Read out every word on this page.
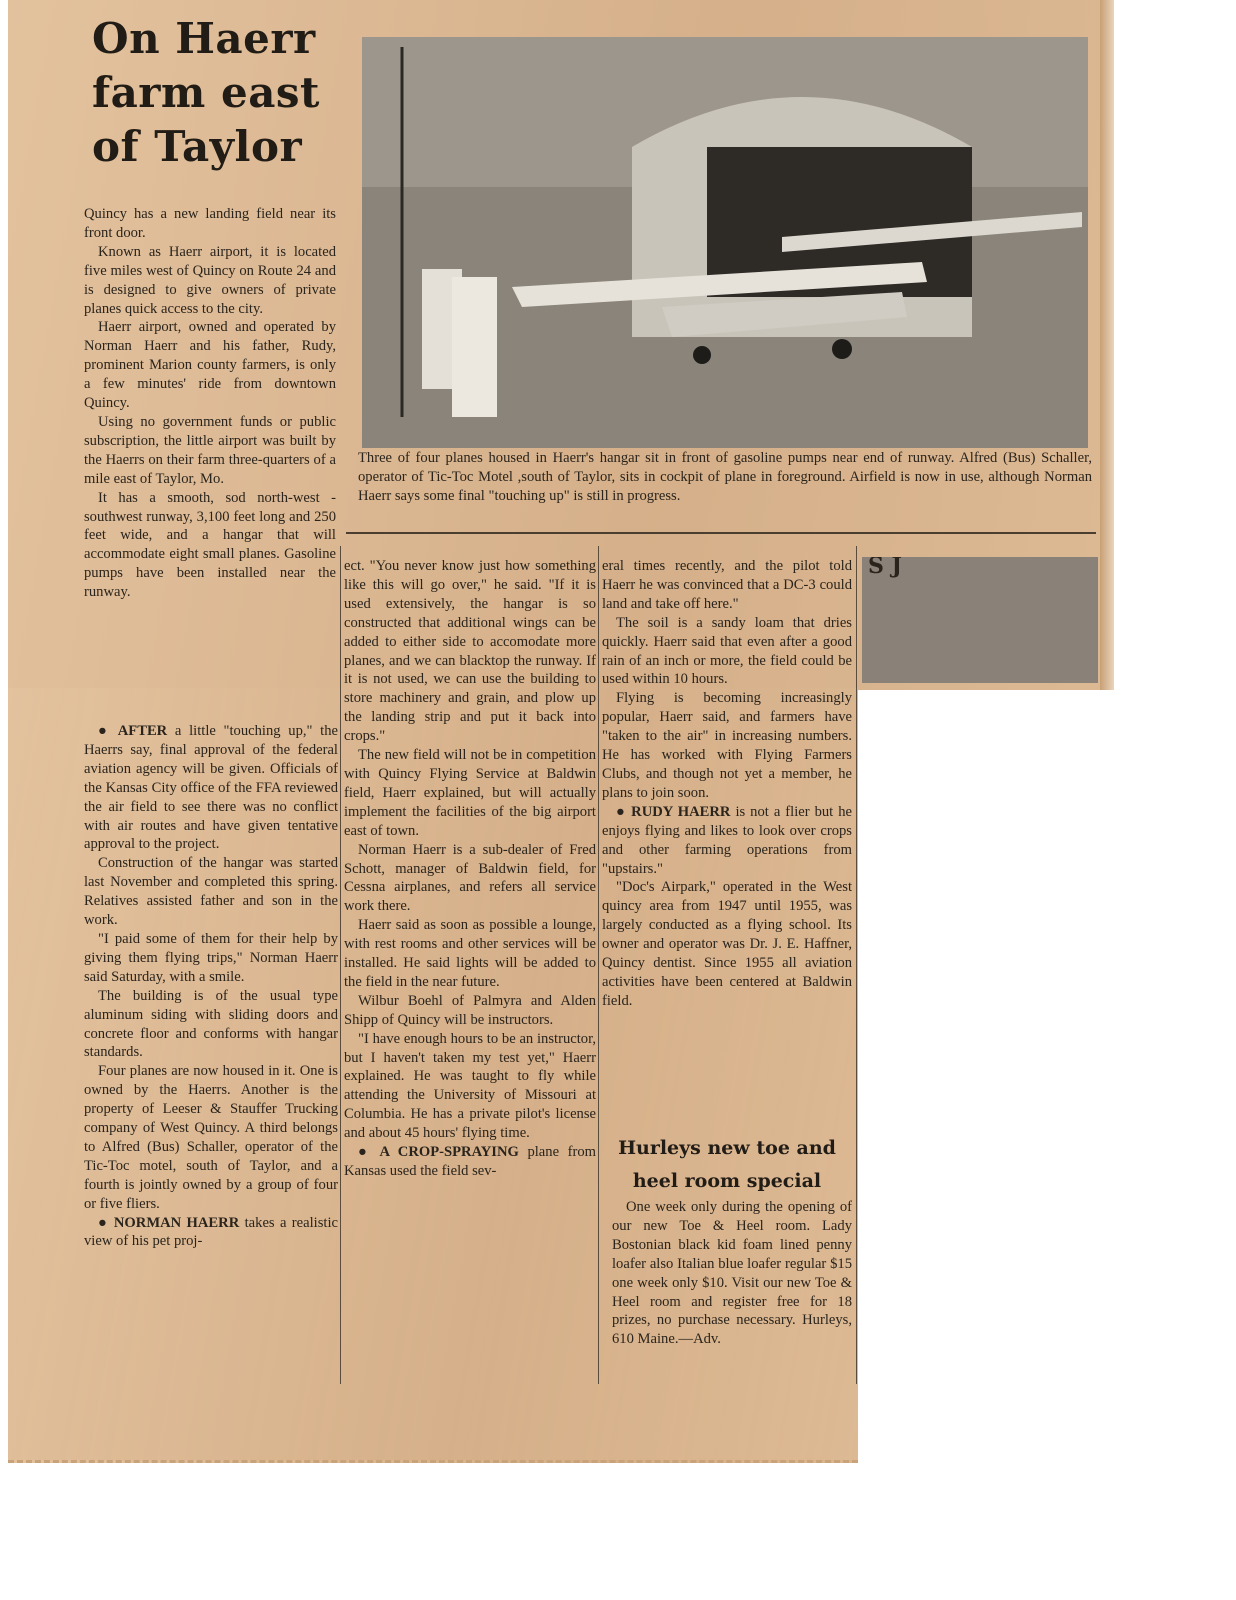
On Haerr farm east of Taylor

Three of four planes housed in Haerr's hangar sit in front of gasoline pumps near end of runway. Alfred (Bus) Schaller, operator of Tic-Toc Motel ,south of Taylor, sits in cockpit of plane in foreground. Airfield is now in use, although Norman Haerr says some final "touching up" is still in progress.

S J

Quincy has a new landing field near its front door.

Known as Haerr airport, it is located five miles west of Quincy on Route 24 and is designed to give owners of private planes quick access to the city.

Haerr airport, owned and operated by Norman Haerr and his father, Rudy, prominent Marion county farmers, is only a few minutes' ride from downtown Quincy.

Using no government funds or public subscription, the little airport was built by the Haerrs on their farm three-quarters of a mile east of Taylor, Mo.

It has a smooth, sod north-west - southwest runway, 3,100 feet long and 250 feet wide, and a hangar that will accommodate eight small planes. Gasoline pumps have been installed near the runway.

● AFTER a little "touching up," the Haerrs say, final approval of the federal aviation agency will be given. Officials of the Kansas City office of the FFA reviewed the air field to see there was no conflict with air routes and have given tentative approval to the project.

Construction of the hangar was started last November and completed this spring. Relatives assisted father and son in the work.

"I paid some of them for their help by giving them flying trips," Norman Haerr said Saturday, with a smile.

The building is of the usual type aluminum siding with sliding doors and concrete floor and conforms with hangar standards.

Four planes are now housed in it. One is owned by the Haerrs. Another is the property of Leeser & Stauffer Trucking company of West Quincy. A third belongs to Alfred (Bus) Schaller, operator of the Tic-Toc motel, south of Taylor, and a fourth is jointly owned by a group of four or five fliers.

● NORMAN HAERR takes a realistic view of his pet proj-

ect. "You never know just how something like this will go over," he said. "If it is used extensively, the hangar is so constructed that additional wings can be added to either side to accomodate more planes, and we can blacktop the runway. If it is not used, we can use the building to store machinery and grain, and plow up the landing strip and put it back into crops."

The new field will not be in competition with Quincy Flying Service at Baldwin field, Haerr explained, but will actually implement the facilities of the big airport east of town.

Norman Haerr is a sub-dealer of Fred Schott, manager of Baldwin field, for Cessna airplanes, and refers all service work there.

Haerr said as soon as possible a lounge, with rest rooms and other services will be installed. He said lights will be added to the field in the near future.

Wilbur Boehl of Palmyra and Alden Shipp of Quincy will be instructors.

"I have enough hours to be an instructor, but I haven't taken my test yet," Haerr explained. He was taught to fly while attending the University of Missouri at Columbia. He has a private pilot's license and about 45 hours' flying time.

● A CROP-SPRAYING plane from Kansas used the field sev-

eral times recently, and the pilot told Haerr he was convinced that a DC-3 could land and take off here."

The soil is a sandy loam that dries quickly. Haerr said that even after a good rain of an inch or more, the field could be used within 10 hours.

Flying is becoming increasingly popular, Haerr said, and farmers have "taken to the air" in increasing numbers. He has worked with Flying Farmers Clubs, and though not yet a member, he plans to join soon.

● RUDY HAERR is not a flier but he enjoys flying and likes to look over crops and other farming operations from "upstairs."

"Doc's Airpark," operated in the West quincy area from 1947 until 1955, was largely conducted as a flying school. Its owner and operator was Dr. J. E. Haffner, Quincy dentist. Since 1955 all aviation activities have been centered at Baldwin field.

Hurleys new toe and heel room special

One week only during the opening of our new Toe & Heel room. Lady Bostonian black kid foam lined penny loafer also Italian blue loafer regular $15 one week only $10. Visit our new Toe & Heel room and register free for 18 prizes, no purchase necessary. Hurleys, 610 Maine.—Adv.
